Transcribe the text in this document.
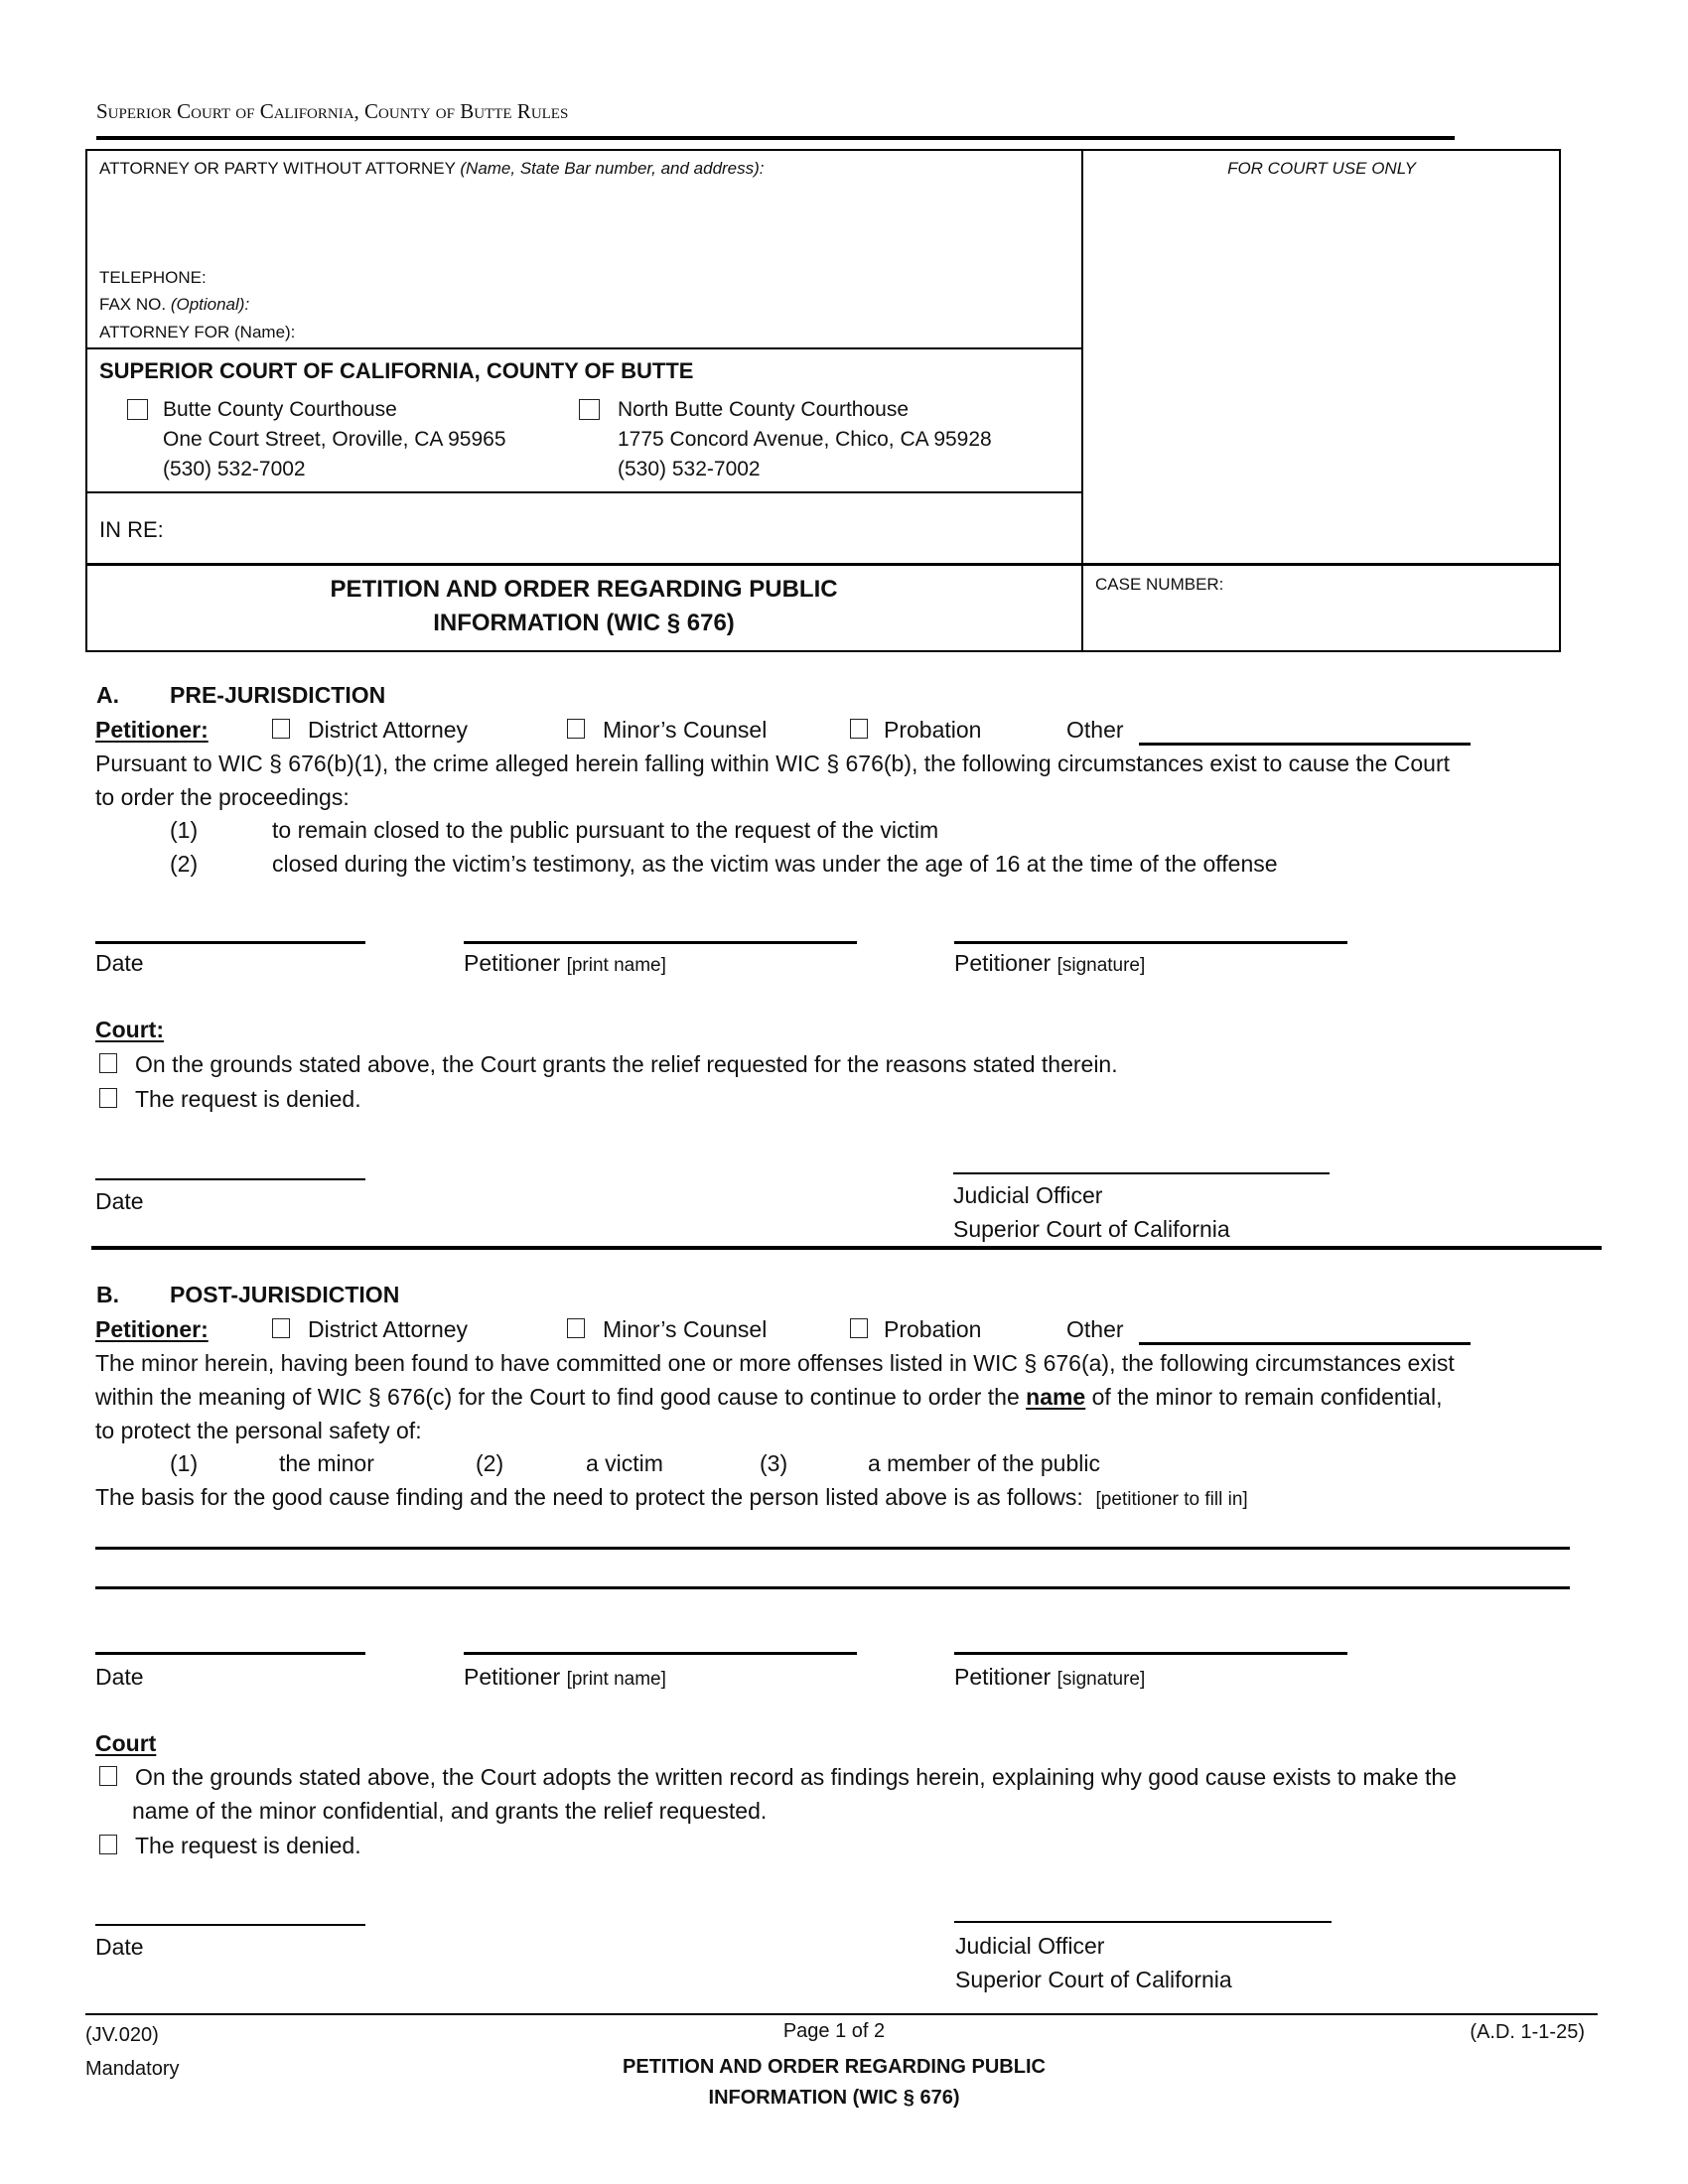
Superior Court of California, County of Butte Rules
ATTORNEY OR PARTY WITHOUT ATTORNEY (Name, State Bar number, and address):	FOR COURT USE ONLY
TELEPHONE:
FAX NO. (Optional):
ATTORNEY FOR (Name):
SUPERIOR COURT OF CALIFORNIA, COUNTY OF BUTTE
Butte County Courthouse
One Court Street, Oroville, CA 95965
(530) 532-7002
North Butte County Courthouse
1775 Concord Avenue, Chico, CA 95928
(530) 532-7002
IN RE:
PETITION AND ORDER REGARDING PUBLIC
INFORMATION (WIC § 676)
CASE NUMBER:
A. PRE-JURISDICTION
Petitioner:	District Attorney	Minor’s Counsel	Probation	Other
Pursuant to WIC § 676(b)(1), the crime alleged herein falling within WIC § 676(b), the following circumstances exist to cause the Court
to order the proceedings:
(1)	to remain closed to the public pursuant to the request of the victim
(2)	closed during the victim’s testimony, as the victim was under the age of 16 at the time of the offense
Date	Petitioner [print name]	Petitioner [signature]
Court:
On the grounds stated above, the Court grants the relief requested for the reasons stated therein.
The request is denied.
Date	Judicial Officer
Superior Court of California
B. POST-JURISDICTION
Petitioner:	District Attorney	Minor’s Counsel	Probation	Other
The minor herein, having been found to have committed one or more offenses listed in WIC § 676(a), the following circumstances exist
within the meaning of WIC § 676(c) for the Court to find good cause to continue to order the name of the minor to remain confidential,
to protect the personal safety of:
(1)	the minor	(2)	a victim	(3)	a member of the public
The basis for the good cause finding and the need to protect the person listed above is as follows: [petitioner to fill in]
Date	Petitioner [print name]	Petitioner [signature]
Court
On the grounds stated above, the Court adopts the written record as findings herein, explaining why good cause exists to make the
name of the minor confidential, and grants the relief requested.
The request is denied.
Date	Judicial Officer
Superior Court of California
(JV.020)
Mandatory
Page 1 of 2
PETITION AND ORDER REGARDING PUBLIC
INFORMATION (WIC § 676)
(A.D. 1-1-25)
